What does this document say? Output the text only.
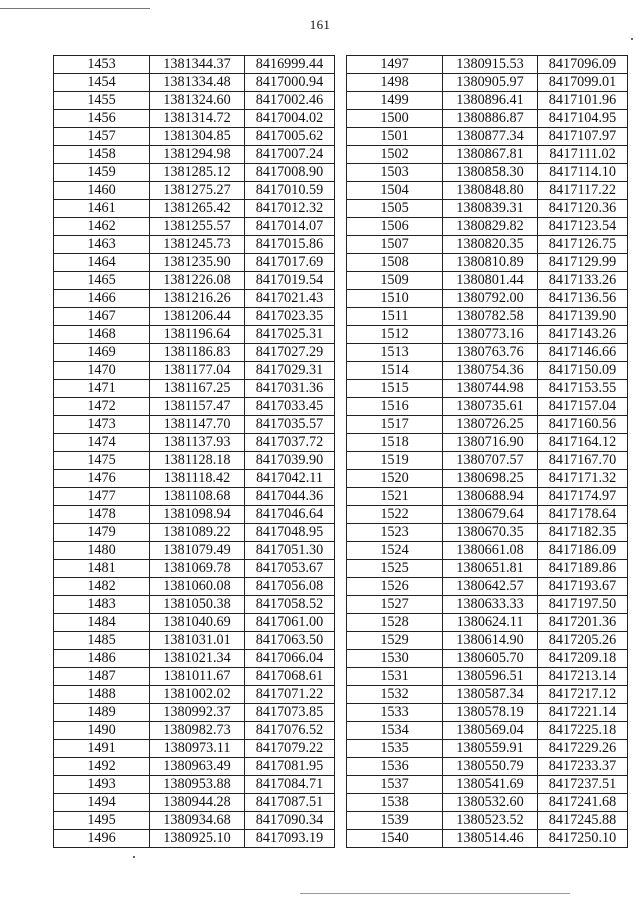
161
1453	1381344.37	8416999.44
1454	1381334.48	8417000.94
1455	1381324.60	8417002.46
1456	1381314.72	8417004.02
1457	1381304.85	8417005.62
1458	1381294.98	8417007.24
1459	1381285.12	8417008.90
1460	1381275.27	8417010.59
1461	1381265.42	8417012.32
1462	1381255.57	8417014.07
1463	1381245.73	8417015.86
1464	1381235.90	8417017.69
1465	1381226.08	8417019.54
1466	1381216.26	8417021.43
1467	1381206.44	8417023.35
1468	1381196.64	8417025.31
1469	1381186.83	8417027.29
1470	1381177.04	8417029.31
1471	1381167.25	8417031.36
1472	1381157.47	8417033.45
1473	1381147.70	8417035.57
1474	1381137.93	8417037.72
1475	1381128.18	8417039.90
1476	1381118.42	8417042.11
1477	1381108.68	8417044.36
1478	1381098.94	8417046.64
1479	1381089.22	8417048.95
1480	1381079.49	8417051.30
1481	1381069.78	8417053.67
1482	1381060.08	8417056.08
1483	1381050.38	8417058.52
1484	1381040.69	8417061.00
1485	1381031.01	8417063.50
1486	1381021.34	8417066.04
1487	1381011.67	8417068.61
1488	1381002.02	8417071.22
1489	1380992.37	8417073.85
1490	1380982.73	8417076.52
1491	1380973.11	8417079.22
1492	1380963.49	8417081.95
1493	1380953.88	8417084.71
1494	1380944.28	8417087.51
1495	1380934.68	8417090.34
1496	1380925.10	8417093.19
1497	1380915.53	8417096.09
1498	1380905.97	8417099.01
1499	1380896.41	8417101.96
1500	1380886.87	8417104.95
1501	1380877.34	8417107.97
1502	1380867.81	8417111.02
1503	1380858.30	8417114.10
1504	1380848.80	8417117.22
1505	1380839.31	8417120.36
1506	1380829.82	8417123.54
1507	1380820.35	8417126.75
1508	1380810.89	8417129.99
1509	1380801.44	8417133.26
1510	1380792.00	8417136.56
1511	1380782.58	8417139.90
1512	1380773.16	8417143.26
1513	1380763.76	8417146.66
1514	1380754.36	8417150.09
1515	1380744.98	8417153.55
1516	1380735.61	8417157.04
1517	1380726.25	8417160.56
1518	1380716.90	8417164.12
1519	1380707.57	8417167.70
1520	1380698.25	8417171.32
1521	1380688.94	8417174.97
1522	1380679.64	8417178.64
1523	1380670.35	8417182.35
1524	1380661.08	8417186.09
1525	1380651.81	8417189.86
1526	1380642.57	8417193.67
1527	1380633.33	8417197.50
1528	1380624.11	8417201.36
1529	1380614.90	8417205.26
1530	1380605.70	8417209.18
1531	1380596.51	8417213.14
1532	1380587.34	8417217.12
1533	1380578.19	8417221.14
1534	1380569.04	8417225.18
1535	1380559.91	8417229.26
1536	1380550.79	8417233.37
1537	1380541.69	8417237.51
1538	1380532.60	8417241.68
1539	1380523.52	8417245.88
1540	1380514.46	8417250.10
